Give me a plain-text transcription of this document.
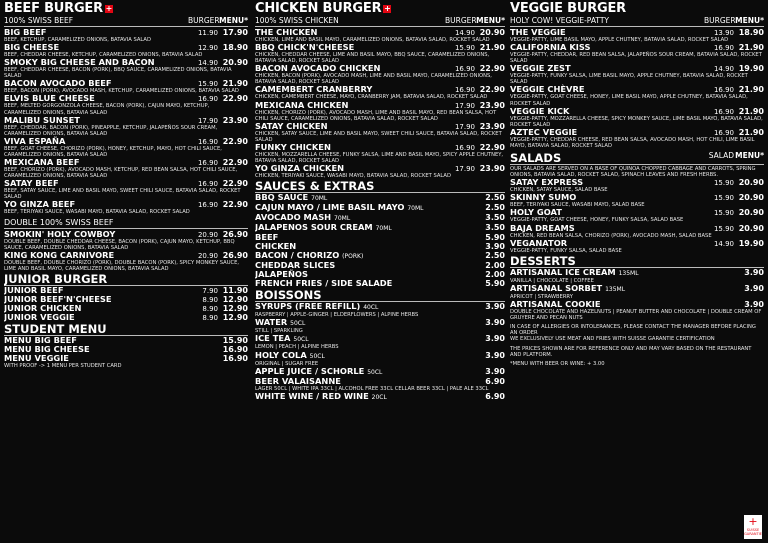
BEEF BURGER +
100% SWISS BEEF	BURGER MENU*
BIG BEEF	11.90 17.90
BEEF, KETCHUP, CARAMELIZED ONIONS, BATAVIA SALAD
BIG CHEESE	12.90 18.90
BEEF, CHEDDAR CHEESE, KETCHUP, CARAMELIZED ONIONS, BATAVIA SALAD
SMOKY BIG CHEESE AND BACON	14.90 20.90
BEEF, CHEDDAR CHEESE, BACON (PORK), BBQ SAUCE, CARAMELIZED ONIONS, BATAVIA SALAD
BACON AVOCADO BEEF	15.90 21.90
BEEF, BACON (PORK), AVOCADO MASH, KETCHUP, CARAMELIZED ONIONS, BATAVIA SALAD
ELVIS BLUE CHEESE	16.90 22.90
BEEF, MELTED GORGONZOLA CHEESE, BACON (PORK), CAJUN MAYO, KETCHUP, CARAMELIZED ONIONS, BATAVIA SALAD
MALIBU SUNSET	17.90 23.90
BEEF, CHEDDAR, BACON (PORK), PINEAPPLE, KETCHUP, JALAPEÑOS SOUR CREAM, CARAMELIZED ONIONS, BATAVIA SALAD
VIVA ESPAÑA	16.90 22.90
BEEF, GOAT CHEESE, CHORIZO (PORK), HONEY, KETCHUP, MAYO, HOT CHILI SAUCE, CARAMELIZED ONIONS, BATAVIA SALAD
MEXICANA BEEF	16.90 22.90
BEEF, CHORIZO (PORK), AVOCADO MASH, KETCHUP, RED BEAN SALSA, HOT CHILI SAUCE, CARAMELIZED ONIONS, BATAVIA SALAD
SATAY BEEF	16.90 22.90
BEEF, SATAY SAUCE, LIME AND BASIL MAYO, SWEET CHILI SAUCE, BATAVIA SALAD, ROCKET SALAD
YO GINZA BEEF	16.90 22.90
BEEF, TERIYAKI SAUCE, WASABI MAYO, BATAVIA SALAD, ROCKET SALAD
DOUBLE 100% SWISS BEEF
SMOKIN' HOLY COWBOY	20.90 26.90
DOUBLE BEEF, DOUBLE CHEDDAR CHEESE, BACON (PORK), CAJUN MAYO, KETCHUP, BBQ SAUCE, CARAMELIZED ONIONS, BATAVIA SALAD
KING KONG CARNIVORE	20.90 26.90
DOUBLE BEEF, DOUBLE CHORIZO (PORK), DOUBLE BACON (PORK), SPICY MONKEY SAUCE, LIME AND BASIL MAYO, CARAMELIZED ONIONS, BATAVIA SALAD
JUNIOR BURGER
JUNIOR BEEF	7.90 11.90
JUNIOR BEEF'N'CHEESE	8.90 12.90
JUNIOR CHICKEN	8.90 12.90
JUNIOR VEGGIE	8.90 12.90
STUDENT MENU
MENU BIG BEEF	15.90
MENU BIG CHEESE	16.90
MENU VEGGIE	16.90
WITH PROOF -> 1 MENU PER STUDENT CARD
CHICKEN BURGER +
100% SWISS CHICKEN	BURGER MENU*
THE CHICKEN	14.90 20.90
CHICKEN, LIME AND BASIL MAYO, CARAMELIZED ONIONS, BATAVIA SALAD, ROCKET SALAD
BBQ CHICK'N'CHEESE	15.90 21.90
CHICKEN, CHEDDAR CHEESE, LIME AND BASIL MAYO, BBQ SAUCE, CARAMELIZED ONIONS, BATAVIA SALAD, ROCKET SALAD
BACON AVOCADO CHICKEN	16.90 22.90
CHICKEN, BACON (PORK), AVOCADO MASH, LIME AND BASIL MAYO, CARAMELIZED ONIONS, BATAVIA SALAD, ROCKET SALAD
CAMEMBERT CRANBERRY	16.90 22.90
CHICKEN, CAMEMBERT CHEESE, MAYO, CRANBERRY JAM, BATAVIA SALAD, ROCKET SALAD
MEXICANA CHICKEN	17.90 23.90
CHICKEN, CHORIZO (PORK), AVOCADO MASH, LIME AND BASIL MAYO, RED BEAN SALSA, HOT CHILI SAUCE, CARAMELIZED ONIONS, BATAVIA SALAD, ROCKET SALAD
SATAY CHICKEN	17.90 23.90
CHICKEN, SATAY SAUCE, LIME AND BASIL MAYO, SWEET CHILI SAUCE, BATAVIA SALAD, ROCKET SALAD
FUNKY CHICKEN	16.90 22.90
CHICKEN, MOZZARELLA CHEESE, FUNKY SALSA, LIME AND BASIL MAYO, SPICY APPLE CHUTNEY, BATAVIA SALAD, ROCKET SALAD
YO GINZA CHICKEN	17.90 23.90
CHICKEN, TERIYAKI SAUCE, WASABI MAYO, BATAVIA SALAD, ROCKET SALAD
SAUCES & EXTRAS
BBQ SAUCE 70ML	2.50
CAJUN MAYO / LIME BASIL MAYO 70ML	2.50
AVOCADO MASH 70ML	3.50
JALAPENOS SOUR CREAM 70ML	3.50
BEEF	5.90
CHICKEN	3.90
BACON / CHORIZO (PORK)	2.50
CHEDDAR SLICES	2.00
JALAPEÑOS	2.00
FRENCH FRIES / SIDE SALADE	5.90
BOISSONS
SYRUPS (FREE REFILL) 40CL	3.90
RASPBERRY | APPLE-GINGER | ELDERFLOWERS | ALPINE HERBS
WATER 50CL	3.90
STILL | SPARKLING
ICE TEA 50CL	3.90
LEMON | PEACH | ALPINE HERBS
HOLY COLA 50CL	3.90
ORIGINAL | SUGAR FREE
APPLE JUICE / SCHORLE 50CL	3.90
BEER VALAISANNE	6.90
LAGER 50CL | WHITE IPA 33CL | ALCOHOL FREE 33CL CELLAR BEER 33CL | PALE ALE 33CL
WHITE WINE / RED WINE 20CL	6.90
VEGGIE BURGER
HOLY COW! VEGGIE-PATTY	BURGER MENU*
THE VEGGIE	13.90 18.90
VEGGIE-PATTY, LIME BASIL MAYO, APPLE CHUTNEY, BATAVIA SALAD, ROCKET SALAD
CALIFORNIA KISS	16.90 21.90
VEGGIE-PATTY, CHEDDAR, RED BEAN SALSA, JALAPEÑOS SOUR CREAM, BATAVIA SALAD, ROCKET SALAD
VEGGIE ZEST	14.90 19.90
VEGGIE-PATTY, FUNKY SALSA, LIME BASIL MAYO, APPLE CHUTNEY, BATAVIA SALAD, ROCKET SALAD
VEGGIE CHÈVRE	16.90 21.90
VEGGIE-PATTY, GOAT CHEESE, HONEY, LIME BASIL MAYO, APPLE CHUTNEY, BATAVIA SALAD, ROCKET SALAD
VEGGIE KICK	16.90 21.90
VEGGIE-PATTY, MOZZARELLA CHEESE, SPICY MONKEY SAUCE, LIME BASIL MAYO, BATAVIA SALAD, ROCKET SALAD
AZTEC VEGGIE	16.90 21.90
VEGGIE-PATTY, CHEDDAR CHEESE, RED BEAN SALSA, AVOCADO MASH, HOT CHILI, LIME BASIL MAYO, BATAVIA SALAD, ROCKET SALAD
SALADS	SALAD MENU*
OUR SALADS ARE SERVED ON A BASE OF QUINOA CHOPPED CABBAGE AND CARROTS, SPRING ONIONS, BATAVIA SALAD, ROCKET SALAD, SPINACH LEAVES AND FRESH HERBS.
SATAY EXPRESS	15.90 20.90
CHICKEN, SATAY SAUCE, SALAD BASE
SKINNY SUMO	15.90 20.90
BEEF, TERIYAKI SAUCE, WASABI MAYO, SALAD BASE
HOLY GOAT	15.90 20.90
VEGGIE-PATTY, GOAT CHEESE, HONEY, FUNKY SALSA, SALAD BASE
BAJA DREAMS	15.90 20.90
CHICKEN, RED BEAN SALSA, CHORIZO (PORK), AVOCADO MASH, SALAD BASE
VEGANATOR	14.90 19.90
VEGGIE-PATTY, FUNKY SALSA, SALAD BASE
DESSERTS
ARTISANAL ICE CREAM 135ML	3.90
VANILLA | CHOCOLATE | COFFEE
ARTISANAL SORBET 135ML	3.90
APRICOT | STRAWBERRY
ARTISANAL COOKIE	3.90
DOUBLE CHOCOLATE AND HAZELNUTS | PEANUT BUTTER AND CHOCOLATE | DOUBLE CREAM OF GRUYERE AND PECAN NUTS
IN CASE OF ALLERGIES OR INTOLERANCES, PLEASE CONTACT THE MANAGER BEFORE PLACING AN ORDER
WE EXCLUSIVELY USE MEAT AND FRIES WITH SUISSE GARANTIE CERTIFICATION
THE PRICES SHOWN ARE FOR REFERENCE ONLY AND MAY VARY BASED ON THE RESTAURANT AND PLATFORM.
*MENU WITH BEER OR WINE: + 3.00
+
SUISSE
GARANTIE
